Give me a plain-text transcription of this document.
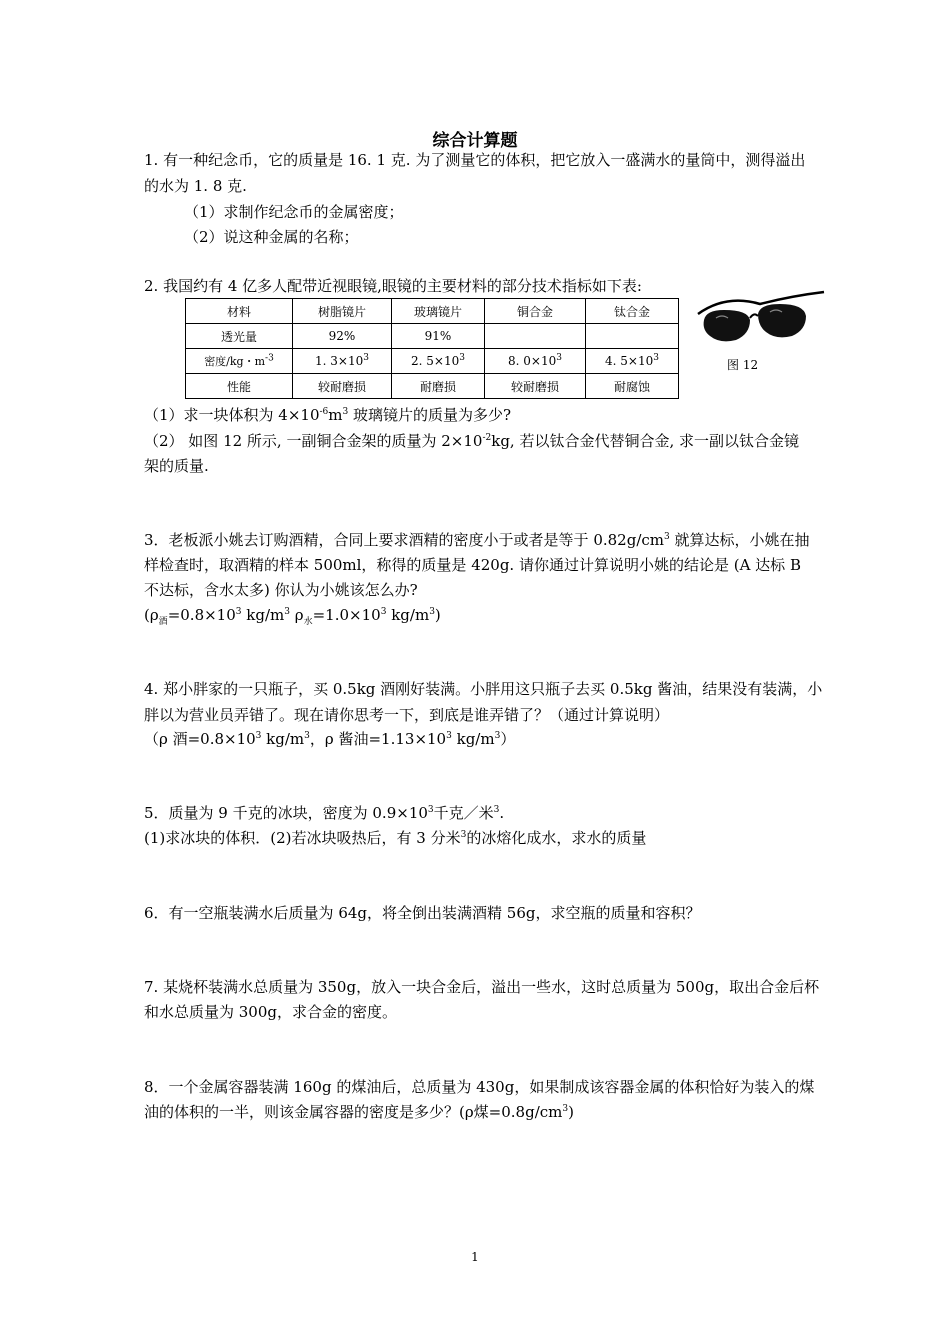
综合计算题
1. 有一种纪念币，它的质量是 16. 1 克. 为了测量它的体积，把它放入一盛满水的量筒中，测得溢出
的水为 1. 8 克.
（1）求制作纪念币的金属密度；
（2）说这种金属的名称；
2. 我国约有 4 亿多人配带近视眼镜,眼镜的主要材料的部分技术指标如下表:
材料	树脂镜片	玻璃镜片	铜合金	钛合金
透光量	92%	91%		
密度/kg・$m^{-3}$	1. $3\times 10^3$	2. $5\times 10^3$	8. $0\times 10^3$	4. $5\times 10^3$
性能	较耐磨损	耐磨损	较耐磨损	耐腐蚀
图 12
（1）求一块体积为 $4\times 10^{-6}m^3$ 玻璃镜片的质量为多少?
（2） 如图 12 所示, 一副铜合金架的质量为 $2\times 10^{-2}kg$, 若以钛合金代替铜合金, 求一副以钛合金镜
架的质量.
3．老板派小姚去订购酒精，合同上要求酒精的密度小于或者是等于 $0.82g/cm^3$ 就算达标，小姚在抽
样检查时，取酒精的样本 500ml，称得的质量是 420g. 请你通过计算说明小姚的结论是 (A 达标 B
不达标，含水太多) 你认为小姚该怎么办?
($\rho_酒=0.8\times 10^3$ $kg/m^3$ $\rho_水=1.0\times 10^3$ $kg/m^3$)
4. 郑小胖家的一只瓶子，买 0.5kg 酒刚好装满。小胖用这只瓶子去买 0.5kg 酱油，结果没有装满，小
胖以为营业员弄错了。现在请你思考一下，到底是谁弄错了？（通过计算说明）
（ρ 酒$=0.8\times 10^3$ $kg/m^3$，ρ 酱油$=1.13\times 10^3$ $kg/m^3$）
5．质量为 9 千克的冰块，密度为 $0.9\times 10^3$千克／米$^3$.
(1)求冰块的体积．(2)若冰块吸热后，有 3 分米$^3$的冰熔化成水，求水的质量
6．有一空瓶装满水后质量为 64g，将全倒出装满酒精 56g，求空瓶的质量和容积？
7. 某烧杯装满水总质量为 350g，放入一块合金后，溢出一些水，这时总质量为 500g，取出合金后杯
和水总质量为 300g，求合金的密度。
8．一个金属容器装满 160g 的煤油后，总质量为 430g，如果制成该容器金属的体积恰好为装入的煤
油的体积的一半，则该金属容器的密度是多少？(ρ煤$=0.8g/cm^3$)
1
